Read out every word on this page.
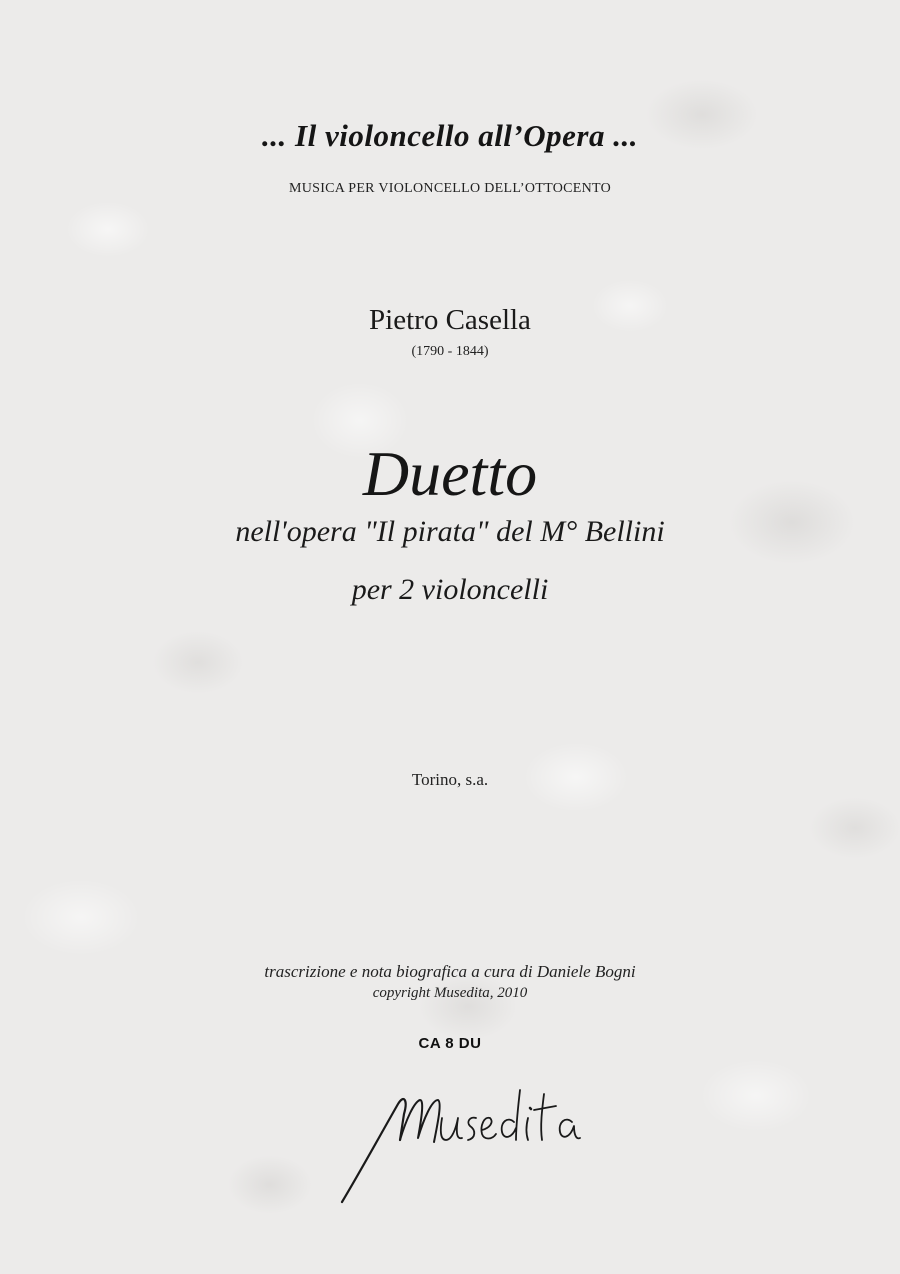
... Il violoncello all’Opera ...
MUSICA PER VIOLONCELLO DELL’OTTOCENTO
Pietro Casella
(1790 - 1844)
Duetto
nell'opera "Il pirata" del M° Bellini
per 2 violoncelli
Torino, s.a.
trascrizione e nota biografica a cura di Daniele Bogni
copyright Musedita, 2010
CA 8 DU
